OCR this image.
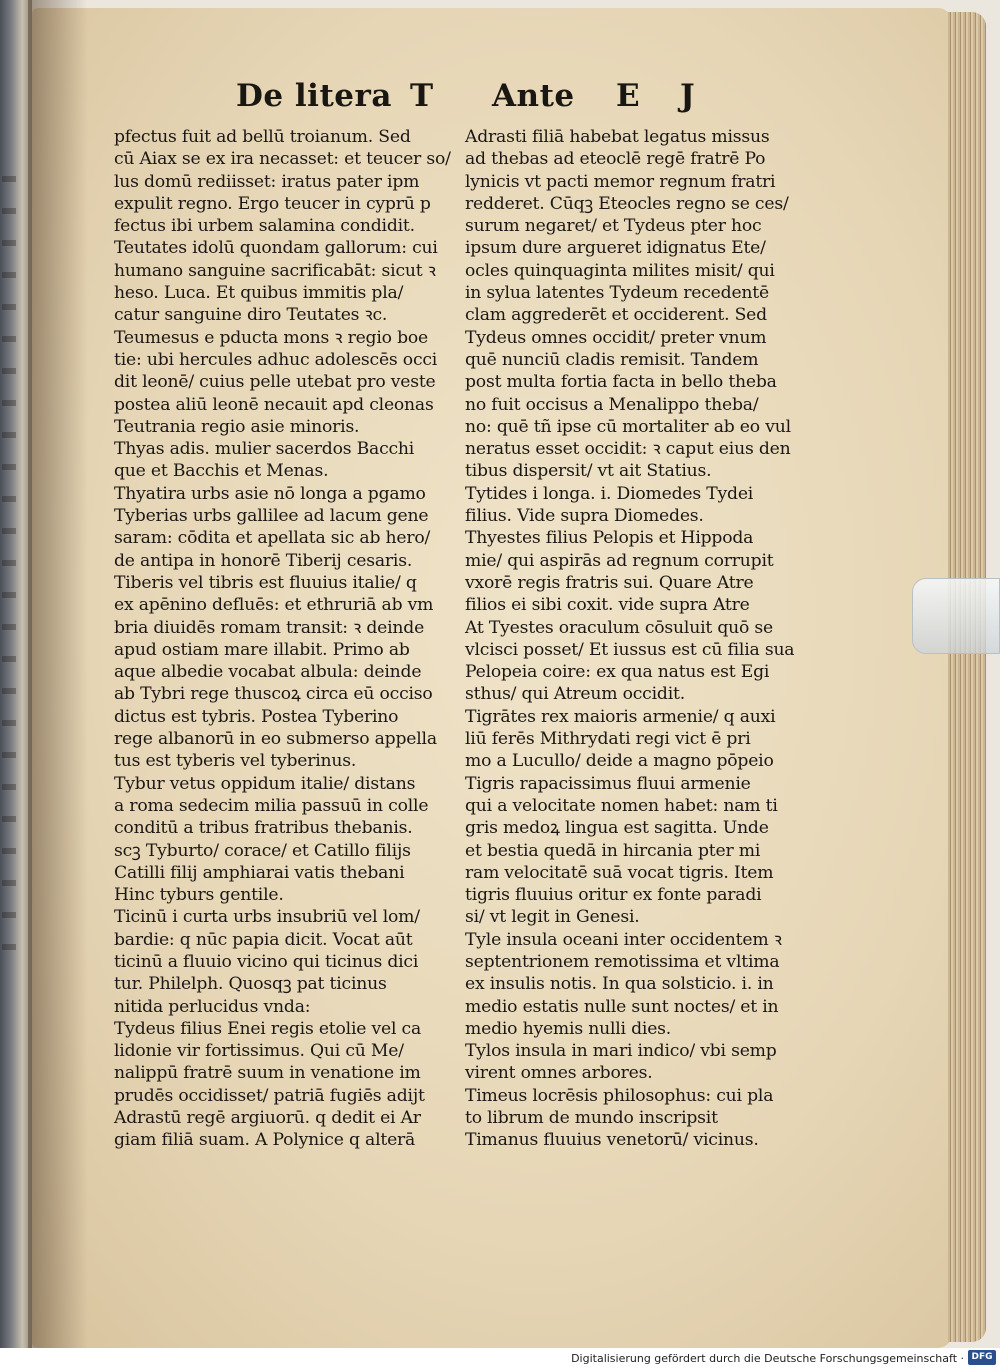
De litera T Ante E J
pfectus fuit ad bellū troianum. Sed
cū Aiax se ex ira necasset: et teucer so/
lus domū rediisset: iratus pater ipm
expulit regno. Ergo teucer in cyprū p
fectus ibi urbem salamina condidit.
Teutates idolū quondam gallorum: cui
humano sanguine sacrificabāt: sicut ꝛ
heso. Luca. Et quibus immitis pla/
catur sanguine diro Teutates ꝛc.
Teumesus e pducta mons ꝛ regio boe
tie: ubi hercules adhuc adolescēs occi
dit leonē/ cuius pelle utebat pro veste
postea aliū leonē necauit apd cleonas
Teutrania regio asie minoris.
Thyas adis. mulier sacerdos Bacchi
que et Bacchis et Menas.
Thyatira urbs asie nō longa a pgamo
Tyberias urbs gallilee ad lacum gene
saram: cōdita et apellata sic ab hero/
de antipa in honorē Tiberij cesaris.
Tiberis vel tibris est fluuius italie/ q
ex apēnino defluēs: et ethruriā ab vm
bria diuidēs romam transit: ꝛ deinde
apud ostiam mare illabit. Primo ab
aque albedie vocabat albula: deinde
ab Tybri rege thuscoꝝ circa eū occiso
dictus est tybris. Postea Tyberino
rege albanorū in eo submerso appella
tus est tyberis vel tyberinus.
Tybur vetus oppidum italie/ distans
a roma sedecim milia passuū in colle
conditū a tribus fratribus thebanis.
scꝫ Tyburto/ corace/ et Catillo filijs
Catilli filij amphiarai vatis thebani
Hinc tyburs gentile.
Ticinū i curta urbs insubriū vel lom/
bardie: q nūc papia dicit. Vocat aūt
ticinū a fluuio vicino qui ticinus dici
tur. Philelph. Quosqꝫ pat ticinus
nitida perlucidus vnda:
Tydeus filius Enei regis etolie vel ca
lidonie vir fortissimus. Qui cū Me/
nalippū fratrē suum in venatione im
prudēs occidisset/ patriā fugiēs adijt
Adrastū regē argiuorū. q dedit ei Ar
giam filiā suam. A Polynice q alterā
Adrasti filiā habebat legatus missus
ad thebas ad eteoclē regē fratrē Po
lynicis vt pacti memor regnum fratri
redderet. Cūqꝫ Eteocles regno se ces/
surum negaret/ et Tydeus pter hoc
ipsum dure argueret idignatus Ete/
ocles quinquaginta milites misit/ qui
in sylua latentes Tydeum recedentē
clam aggrederēt et occiderent. Sed
Tydeus omnes occidit/ preter vnum
quē nunciū cladis remisit. Tandem
post multa fortia facta in bello theba
no fuit occisus a Menalippo theba/
no: quē tñ ipse cū mortaliter ab eo vul
neratus esset occidit: ꝛ caput eius den
tibus dispersit/ vt ait Statius.
Tytides i longa. i. Diomedes Tydei
filius. Vide supra Diomedes.
Thyestes filius Pelopis et Hippoda
mie/ qui aspirās ad regnum corrupit
vxorē regis fratris sui. Quare Atre
filios ei sibi coxit. vide supra Atre
At Tyestes oraculum cōsuluit quō se
vlcisci posset/ Et iussus est cū filia sua
Pelopeia coire: ex qua natus est Egi
sthus/ qui Atreum occidit.
Tigrātes rex maioris armenie/ q auxi
liū ferēs Mithrydati regi vict ē pri
mo a Lucullo/ deide a magno pōpeio
Tigris rapacissimus fluui armenie
qui a velocitate nomen habet: nam ti
gris medoꝝ lingua est sagitta. Unde
et bestia quedā in hircania pter mi
ram velocitatē suā vocat tigris. Item
tigris fluuius oritur ex fonte paradi
si/ vt legit in Genesi.
Tyle insula oceani inter occidentem ꝛ
septentrionem remotissima et vltima
ex insulis notis. In qua solsticio. i. in
medio estatis nulle sunt noctes/ et in
medio hyemis nulli dies.
Tylos insula in mari indico/ vbi semp
virent omnes arbores.
Timeus locrēsis philosophus: cui pla
to librum de mundo inscripsit
Timanus fluuius venetorū/ vicinus.
Digitalisierung gefördert durch die Deutsche Forschungsgemeinschaft ·
DFG
